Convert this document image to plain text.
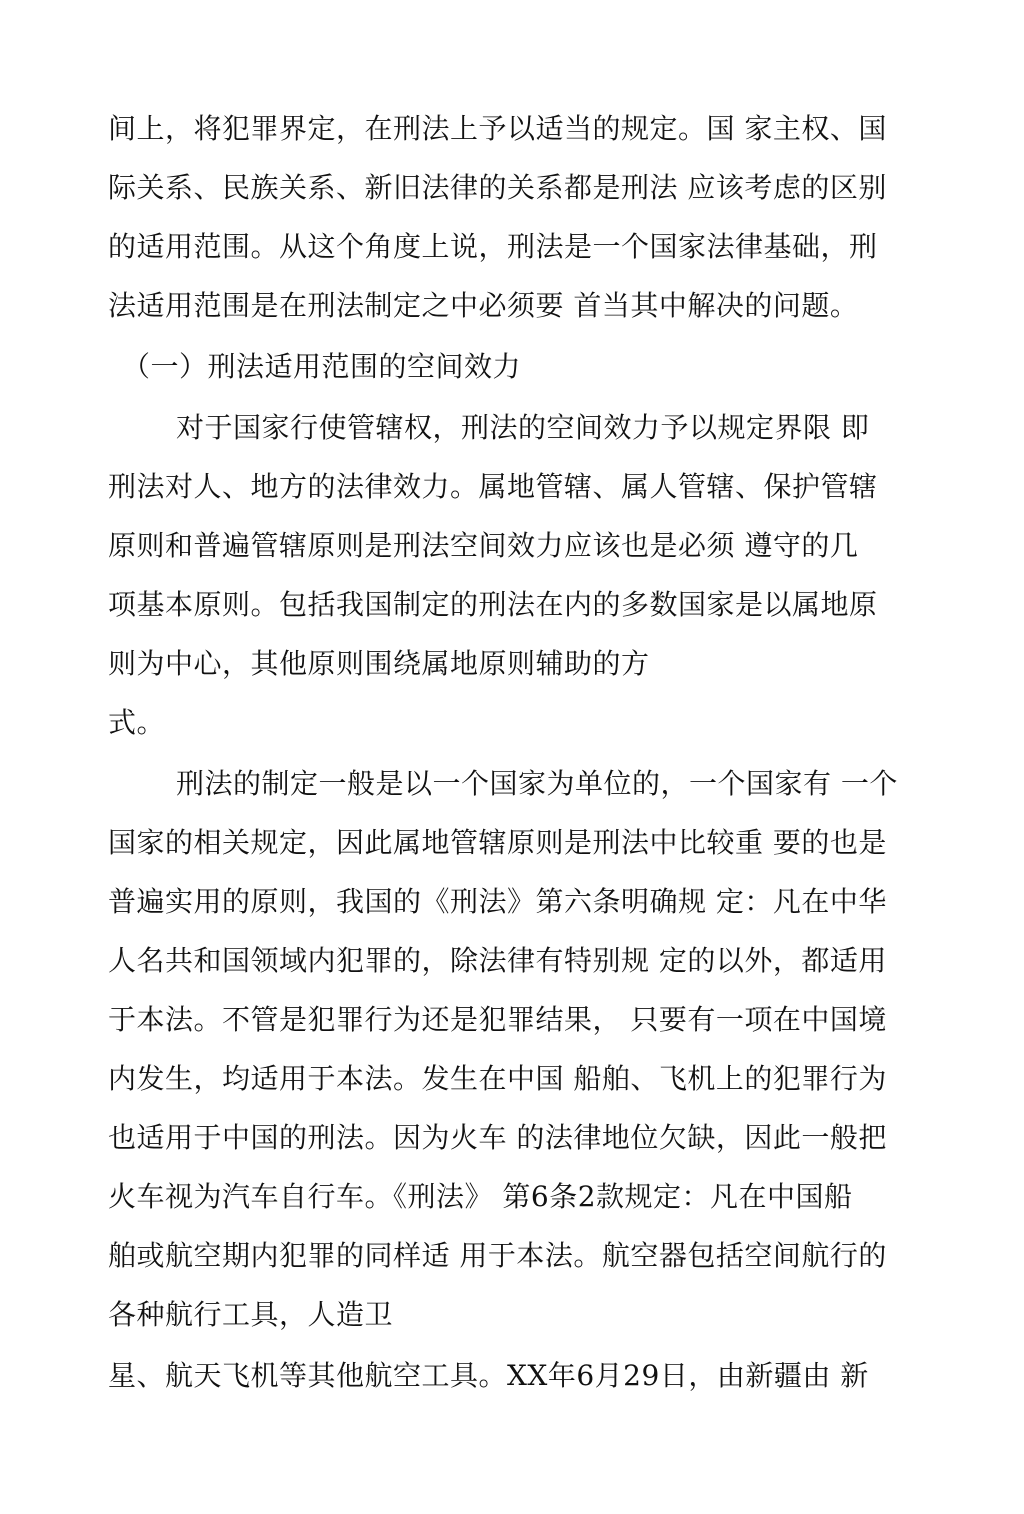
间上，将犯罪界定，在刑法上予以适当的规定。国 家主权、国
际关系、民族关系、新旧法律的关系都是刑法 应该考虑的区别
的适用范围。从这个角度上说，刑法是一个国家法律基础，刑
法适用范围是在刑法制定之中必须要 首当其中解决的问题。
（一）刑法适用范围的空间效力
对于国家行使管辖权，刑法的空间效力予以规定界限 即
刑法对人、地方的法律效力。属地管辖、属人管辖、保护管辖
原则和普遍管辖原则是刑法空间效力应该也是必须 遵守的几
项基本原则。包括我国制定的刑法在内的多数国家是以属地原
则为中心，其他原则围绕属地原则辅助的方
式。
刑法的制定一般是以一个国家为单位的，一个国家有 一个
国家的相关规定，因此属地管辖原则是刑法中比较重 要的也是
普遍实用的原则，我国的《刑法》第六条明确规 定：凡在中华
人名共和国领域内犯罪的，除法律有特别规 定的以外，都适用
于本法。不管是犯罪行为还是犯罪结果， 只要有一项在中国境
内发生，均适用于本法。发生在中国 船舶、飞机上的犯罪行为
也适用于中国的刑法。因为火车 的法律地位欠缺，因此一般把
火车视为汽车自行车。《刑法》 第6条2款规定：凡在中国船
舶或航空期内犯罪的同样适 用于本法。航空器包括空间航行的
各种航行工具，人造卫
星、航天飞机等其他航空工具。XX年6月29日，由新疆由 新
